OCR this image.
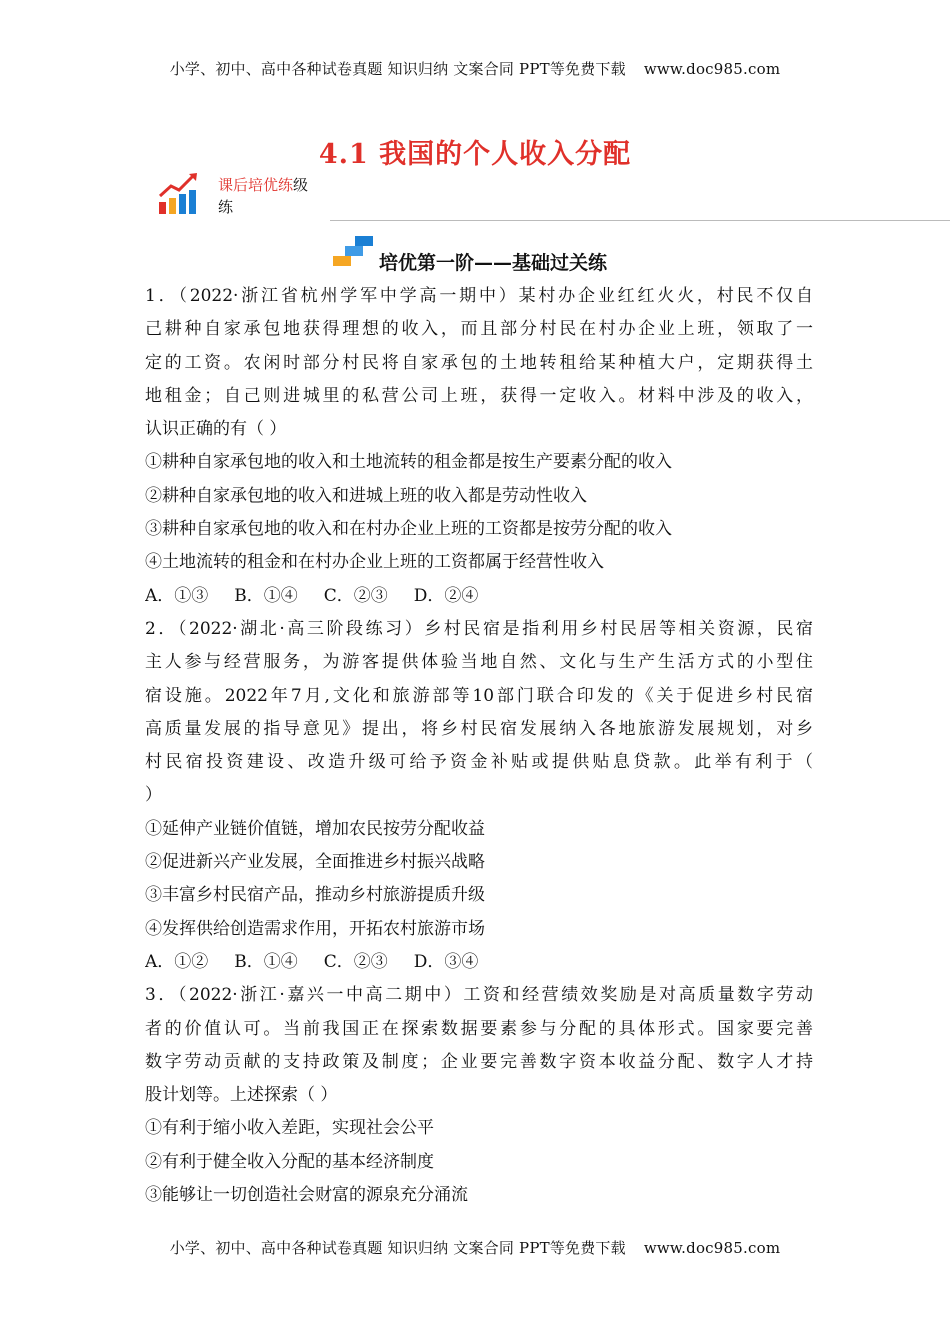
小学、初中、高中各种试卷真题 知识归纳 文案合同 PPT等免费下载 www.doc985.com
4.1 我国的个人收入分配
课后培优练级
练
培优第一阶——基础过关练
1．（2022·浙江省杭州学军中学高一期中）某村办企业红红火火，村民不仅自
己耕种自家承包地获得理想的收入，而且部分村民在村办企业上班，领取了一
定的工资。农闲时部分村民将自家承包的土地转租给某种植大户，定期获得土
地租金；自己则进城里的私营公司上班，获得一定收入。材料中涉及的收入，
认识正确的有（ ）
①耕种自家承包地的收入和土地流转的租金都是按生产要素分配的收入
②耕种自家承包地的收入和进城上班的收入都是劳动性收入
③耕种自家承包地的收入和在村办企业上班的工资都是按劳分配的收入
④土地流转的租金和在村办企业上班的工资都属于经营性收入
A．①③ B．①④ C．②③ D．②④
2．（2022·湖北·高三阶段练习）乡村民宿是指利用乡村民居等相关资源，民宿
主人参与经营服务，为游客提供体验当地自然、文化与生产生活方式的小型住
宿设施。2022年7月,文化和旅游部等10部门联合印发的《关于促进乡村民宿
高质量发展的指导意见》提出，将乡村民宿发展纳入各地旅游发展规划，对乡
村民宿投资建设、改造升级可给予资金补贴或提供贴息贷款。此举有利于（
）
①延伸产业链价值链，增加农民按劳分配收益
②促进新兴产业发展，全面推进乡村振兴战略
③丰富乡村民宿产品，推动乡村旅游提质升级
④发挥供给创造需求作用，开拓农村旅游市场
A．①② B．①④ C．②③ D．③④
3．（2022·浙江·嘉兴一中高二期中）工资和经营绩效奖励是对高质量数字劳动
者的价值认可。当前我国正在探索数据要素参与分配的具体形式。国家要完善
数字劳动贡献的支持政策及制度；企业要完善数字资本收益分配、数字人才持
股计划等。上述探索（ ）
①有利于缩小收入差距，实现社会公平
②有利于健全收入分配的基本经济制度
③能够让一切创造社会财富的源泉充分涌流
小学、初中、高中各种试卷真题 知识归纳 文案合同 PPT等免费下载 www.doc985.com
